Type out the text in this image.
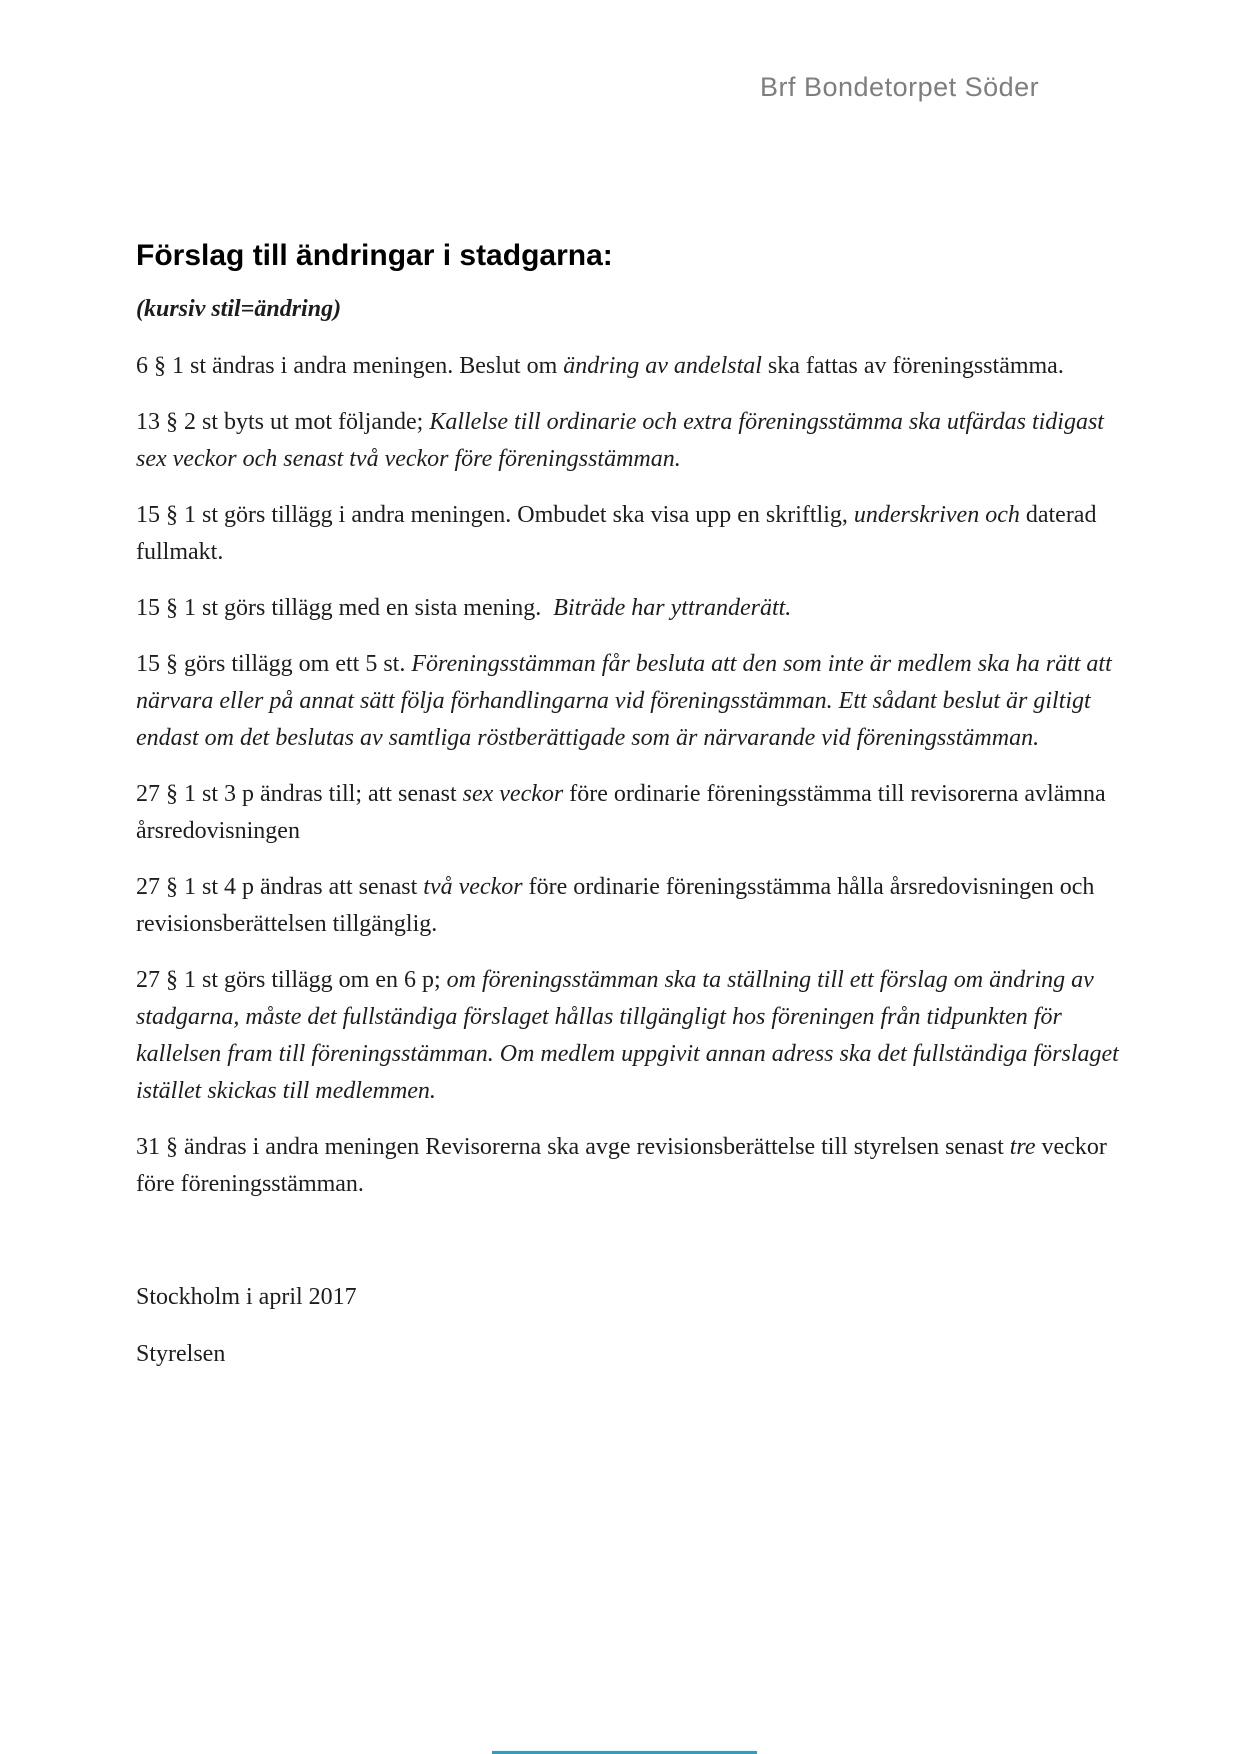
Brf Bondetorpet Söder
Förslag till ändringar i stadgarna:

(kursiv stil=ändring)

6 § 1 st ändras i andra meningen. Beslut om ändring av andelstal ska fattas av föreningsstämma.

13 § 2 st byts ut mot följande; Kallelse till ordinarie och extra föreningsstämma ska utfärdas tidigast sex veckor och senast två veckor före föreningsstämman.

15 § 1 st görs tillägg i andra meningen. Ombudet ska visa upp en skriftlig, underskriven och daterad fullmakt.

15 § 1 st görs tillägg med en sista mening.  Biträde har yttranderätt.

15 § görs tillägg om ett 5 st. Föreningsstämman får besluta att den som inte är medlem ska ha rätt att närvara eller på annat sätt följa förhandlingarna vid föreningsstämman. Ett sådant beslut är giltigt endast om det beslutas av samtliga röstberättigade som är närvarande vid föreningsstämman.

27 § 1 st 3 p ändras till; att senast sex veckor före ordinarie föreningsstämma till revisorerna avlämna årsredovisningen

27 § 1 st 4 p ändras att senast två veckor före ordinarie föreningsstämma hålla årsredovisningen och revisionsberättelsen tillgänglig.

27 § 1 st görs tillägg om en 6 p; om föreningsstämman ska ta ställning till ett förslag om ändring av stadgarna, måste det fullständiga förslaget hållas tillgängligt hos föreningen från tidpunkten för kallelsen fram till föreningsstämman. Om medlem uppgivit annan adress ska det fullständiga förslaget istället skickas till medlemmen.

31 § ändras i andra meningen Revisorerna ska avge revisionsberättelse till styrelsen senast tre veckor före föreningsstämman.

Stockholm i april 2017

Styrelsen
